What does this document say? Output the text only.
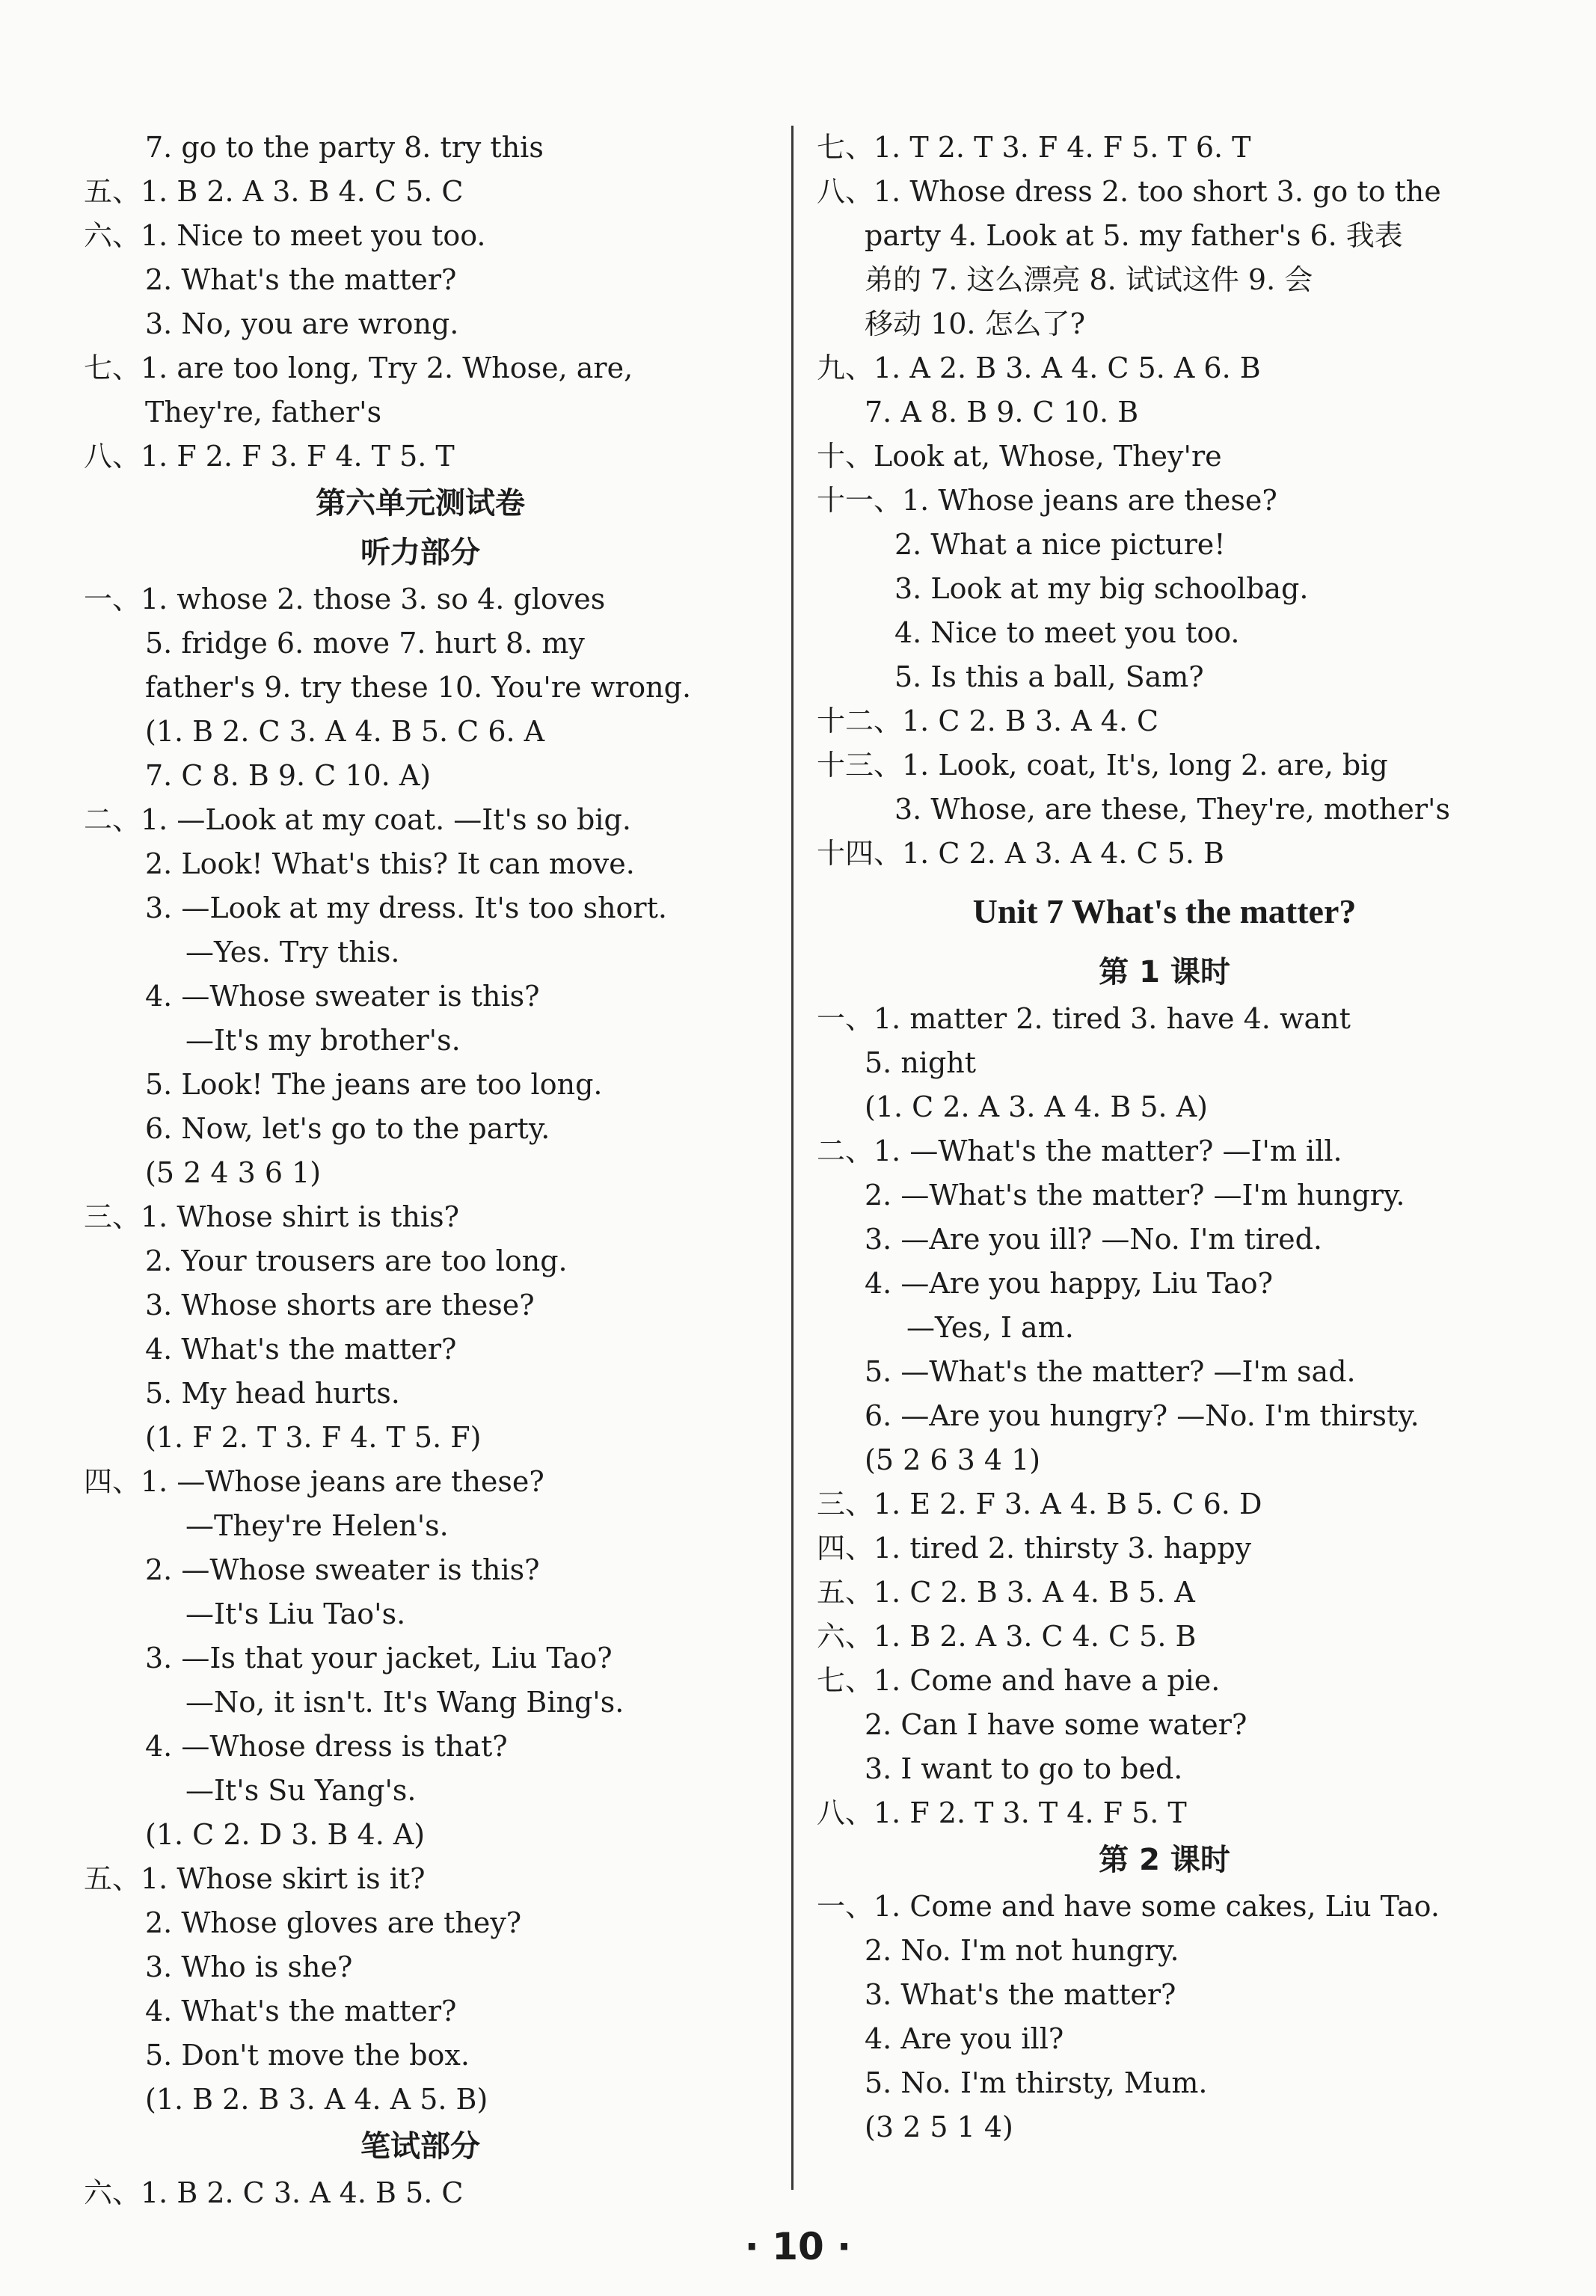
7. go to the party 8. try this
五、1. B 2. A 3. B 4. C 5. C
六、1. Nice to meet you too.
2. What's the matter?
3. No, you are wrong.
七、1. are too long, Try 2. Whose, are,
They're, father's
八、1. F 2. F 3. F 4. T 5. T
第六单元测试卷
听力部分
一、1. whose 2. those 3. so 4. gloves
5. fridge 6. move 7. hurt 8. my
father's 9. try these 10. You're wrong.
(1. B 2. C 3. A 4. B 5. C 6. A
7. C 8. B 9. C 10. A)
二、1. —Look at my coat. —It's so big.
2. Look! What's this? It can move.
3. —Look at my dress. It's too short.
—Yes. Try this.
4. —Whose sweater is this?
—It's my brother's.
5. Look! The jeans are too long.
6. Now, let's go to the party.
(5 2 4 3 6 1)
三、1. Whose shirt is this?
2. Your trousers are too long.
3. Whose shorts are these?
4. What's the matter?
5. My head hurts.
(1. F 2. T 3. F 4. T 5. F)
四、1. —Whose jeans are these?
—They're Helen's.
2. —Whose sweater is this?
—It's Liu Tao's.
3. —Is that your jacket, Liu Tao?
—No, it isn't. It's Wang Bing's.
4. —Whose dress is that?
—It's Su Yang's.
(1. C 2. D 3. B 4. A)
五、1. Whose skirt is it?
2. Whose gloves are they?
3. Who is she?
4. What's the matter?
5. Don't move the box.
(1. B 2. B 3. A 4. A 5. B)
笔试部分
六、1. B 2. C 3. A 4. B 5. C
七、1. T 2. T 3. F 4. F 5. T 6. T
八、1. Whose dress 2. too short 3. go to the
party 4. Look at 5. my father's 6. 我表
弟的 7. 这么漂亮 8. 试试这件 9. 会
移动 10. 怎么了?
九、1. A 2. B 3. A 4. C 5. A 6. B
7. A 8. B 9. C 10. B
十、Look at, Whose, They're
十一、1. Whose jeans are these?
2. What a nice picture!
3. Look at my big schoolbag.
4. Nice to meet you too.
5. Is this a ball, Sam?
十二、1. C 2. B 3. A 4. C
十三、1. Look, coat, It's, long 2. are, big
3. Whose, are these, They're, mother's
十四、1. C 2. A 3. A 4. C 5. B
Unit 7 What's the matter?
第 1 课时
一、1. matter 2. tired 3. have 4. want
5. night
(1. C 2. A 3. A 4. B 5. A)
二、1. —What's the matter? —I'm ill.
2. —What's the matter? —I'm hungry.
3. —Are you ill? —No. I'm tired.
4. —Are you happy, Liu Tao?
—Yes, I am.
5. —What's the matter? —I'm sad.
6. —Are you hungry? —No. I'm thirsty.
(5 2 6 3 4 1)
三、1. E 2. F 3. A 4. B 5. C 6. D
四、1. tired 2. thirsty 3. happy
五、1. C 2. B 3. A 4. B 5. A
六、1. B 2. A 3. C 4. C 5. B
七、1. Come and have a pie.
2. Can I have some water?
3. I want to go to bed.
八、1. F 2. T 3. T 4. F 5. T
第 2 课时
一、1. Come and have some cakes, Liu Tao.
2. No. I'm not hungry.
3. What's the matter?
4. Are you ill?
5. No. I'm thirsty, Mum.
(3 2 5 1 4)
· 10 ·
